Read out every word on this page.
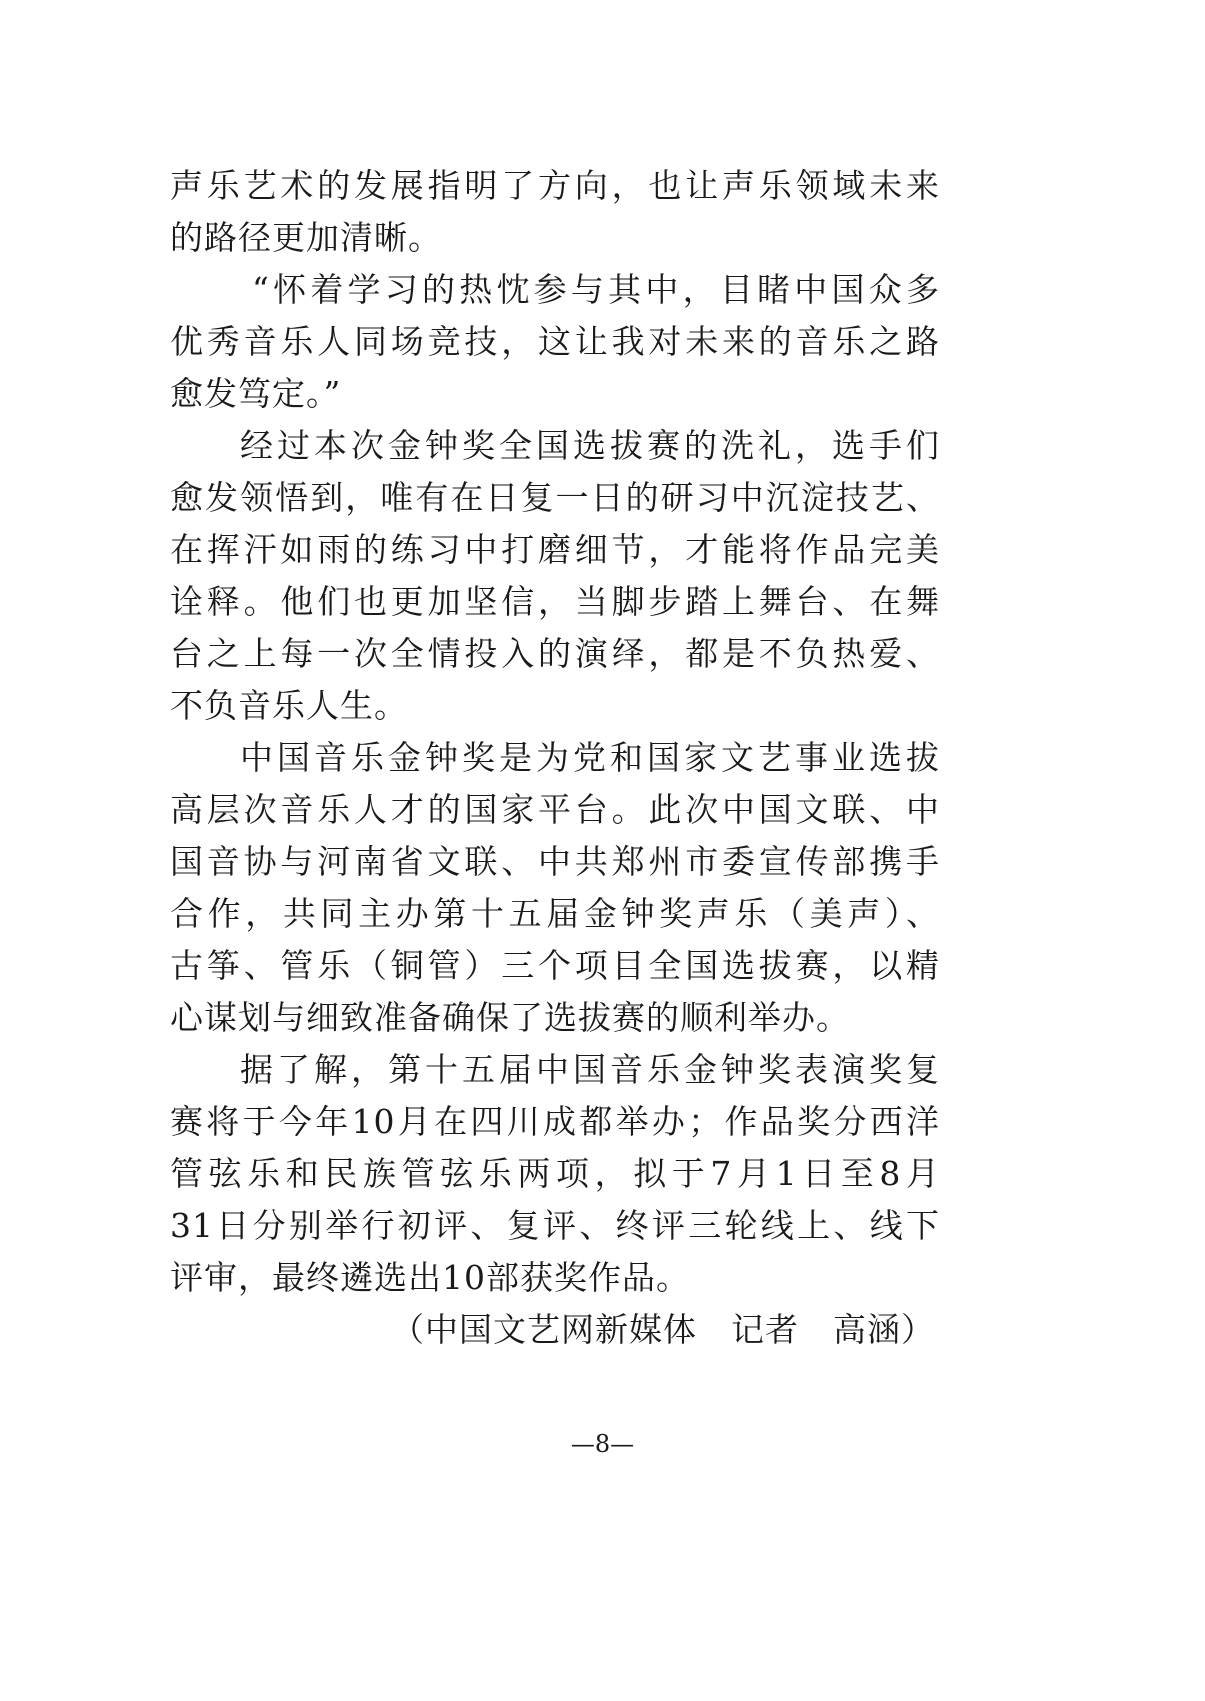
声乐艺术的发展指明了方向，也让声乐领域未来
的路径更加清晰。
“怀着学习的热忱参与其中，目睹中国众多
优秀音乐人同场竞技，这让我对未来的音乐之路
愈发笃定。”
经过本次金钟奖全国选拔赛的洗礼，选手们
愈发领悟到，唯有在日复一日的研习中沉淀技艺、
在挥汗如雨的练习中打磨细节，才能将作品完美
诠释。他们也更加坚信，当脚步踏上舞台、在舞
台之上每一次全情投入的演绎，都是不负热爱、
不负音乐人生。
中国音乐金钟奖是为党和国家文艺事业选拔
高层次音乐人才的国家平台。此次中国文联、中
国音协与河南省文联、中共郑州市委宣传部携手
合作，共同主办第十五届金钟奖声乐（美声）、
古筝、管乐（铜管）三个项目全国选拔赛，以精
心谋划与细致准备确保了选拔赛的顺利举办。
据了解，第十五届中国音乐金钟奖表演奖复
赛将于今年10月在四川成都举办；作品奖分西洋
管弦乐和民族管弦乐两项，拟于7月1日至8月
31日分别举行初评、复评、终评三轮线上、线下
评审，最终遴选出10部获奖作品。
（中国文艺网新媒体　记者　高涵）
—8—
